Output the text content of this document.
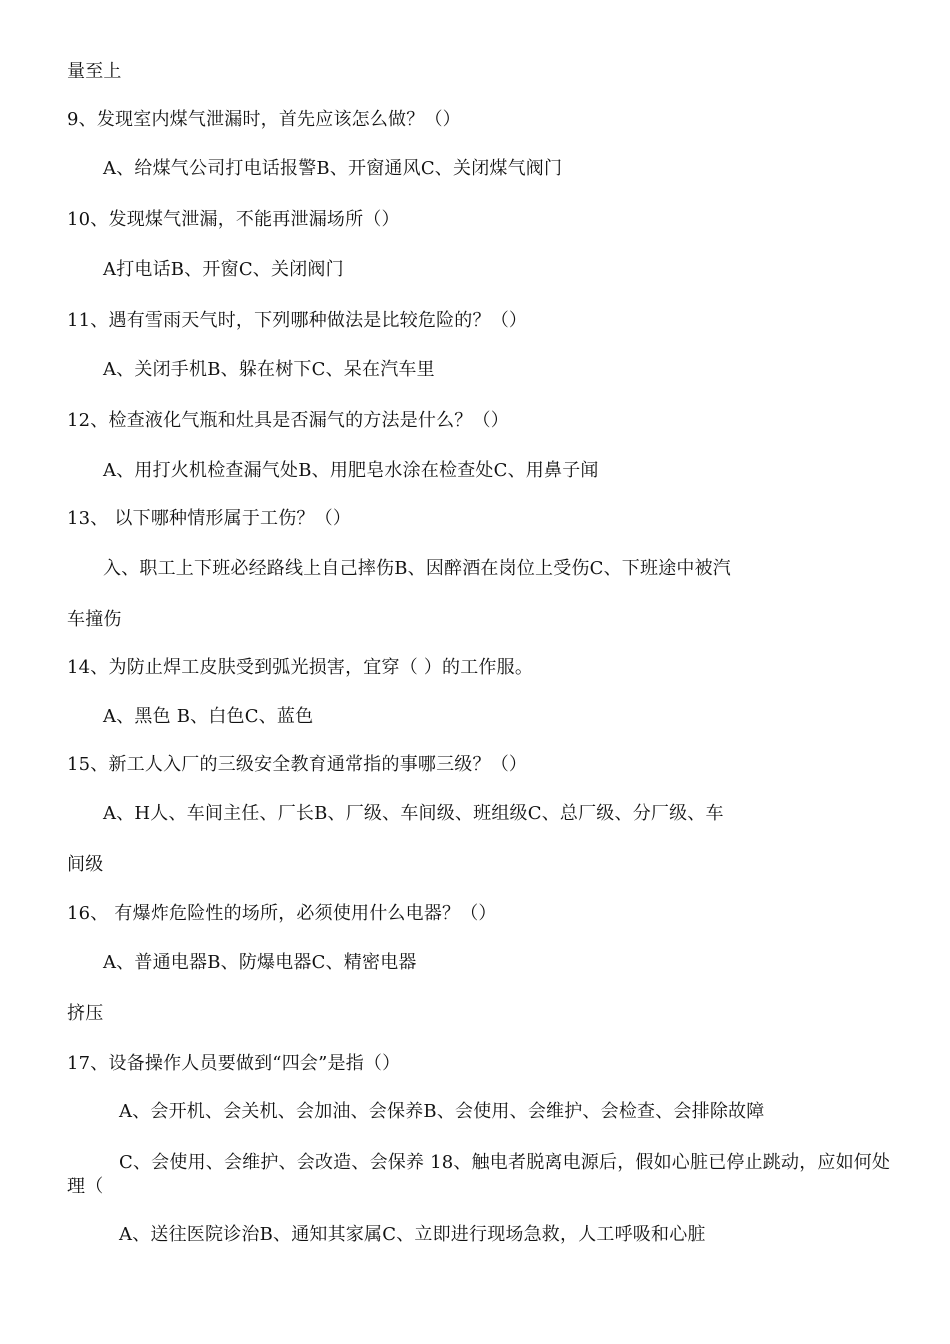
量至上
9、发现室内煤气泄漏时，首先应该怎么做？（）
A、给煤气公司打电话报警B、开窗通风C、关闭煤气阀门
10、发现煤气泄漏，不能再泄漏场所（）
A打电话B、开窗C、关闭阀门
11、遇有雪雨天气时，下列哪种做法是比较危险的？（）
A、关闭手机B、躲在树下C、呆在汽车里
12、检查液化气瓶和灶具是否漏气的方法是什么？（）
A、用打火机检查漏气处B、用肥皂水涂在检查处C、用鼻子闻
13、 以下哪种情形属于工伤？（）
入、职工上下班必经路线上自己摔伤B、因醉酒在岗位上受伤C、下班途中被汽
车撞伤
14、为防止焊工皮肤受到弧光损害，宜穿（ ）的工作服。
A、黑色 B、白色C、蓝色
15、新工人入厂的三级安全教育通常指的事哪三级？（）
A、H人、车间主任、厂长B、厂级、车间级、班组级C、总厂级、分厂级、车
间级
16、 有爆炸危险性的场所，必须使用什么电器？（）
A、普通电器B、防爆电器C、精密电器
挤压
17、设备操作人员要做到“四会”是指（）
A、会开机、会关机、会加油、会保养B、会使用、会维护、会检查、会排除故障
C、会使用、会维护、会改造、会保养 18、触电者脱离电源后，假如心脏已停止跳动，应如何处理（
A、送往医院诊治B、通知其家属C、立即进行现场急救，人工呼吸和心脏
